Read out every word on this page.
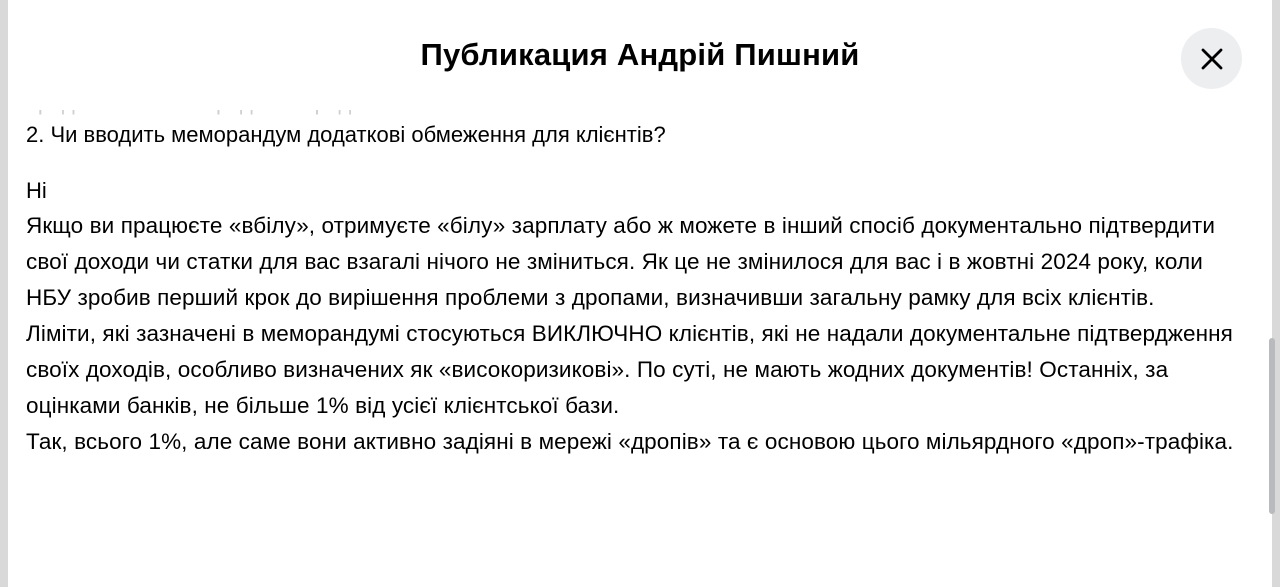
Публикация Андрій Пишний

2. Чи вводить меморандум додаткові обмеження для клієнтів?

Ні

Якщо ви працюєте «вбілу», отримуєте «білу» зарплату або ж можете в інший спосіб документально підтвердити свої доходи чи статки для вас взагалі нічого не зміниться. Як це не змінилося для вас і в жовтні 2024 року, коли НБУ зробив перший крок до вирішення проблеми з дропами, визначивши загальну рамку для всіх клієнтів.

Ліміти, які зазначені в меморандумі стосуються ВИКЛЮЧНО клієнтів, які не надали документальне підтвердження своїх доходів, особливо визначених як «високоризикові». По суті, не мають жодних документів! Останніх, за оцінками банків, не більше 1% від усієї клієнтської бази.

Так, всього 1%, але саме вони активно задіяні в мережі «дропів» та є основою цього мільярдного «дроп»-трафіка.
